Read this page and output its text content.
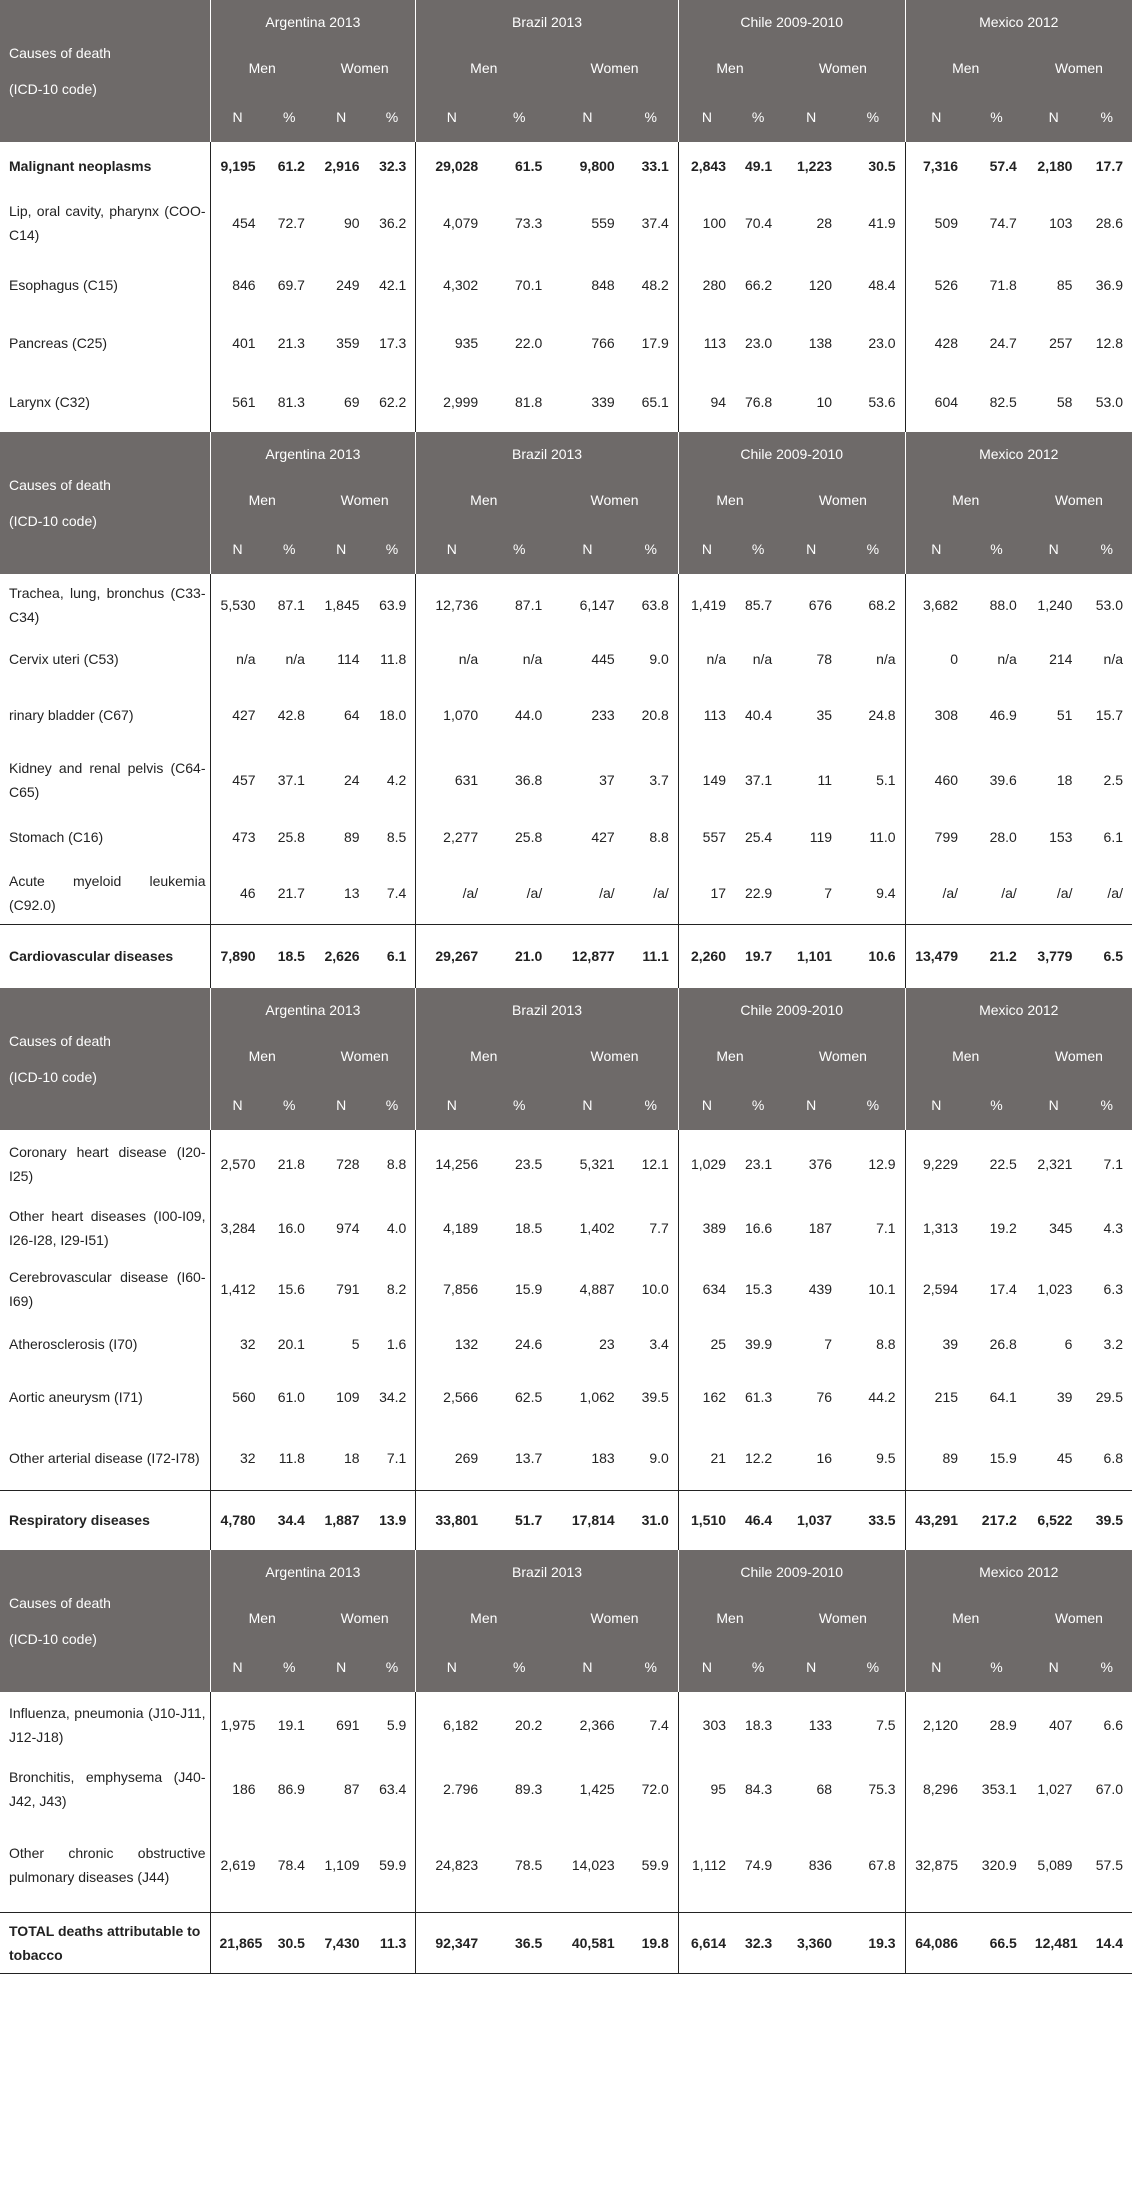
Causes of death
(ICD-10 code)	Argentina 2013				Brazil 2013				Chile 2009-2010				Mexico 2012			
	Men		Women		Men		Women		Men		Women		Men		Women	
	N	%	N	%	N	%	N	%	N	%	N	%	N	%	N	%
Malignant neoplasms	9,195	61.2	2,916	32.3	29,028	61.5	9,800	33.1	2,843	49.1	1,223	30.5	7,316	57.4	2,180	17.7
Lip, oral cavity, pharynx (COO-C14)	454	72.7	90	36.2	4,079	73.3	559	37.4	100	70.4	28	41.9	509	74.7	103	28.6
Esophagus (C15)	846	69.7	249	42.1	4,302	70.1	848	48.2	280	66.2	120	48.4	526	71.8	85	36.9
Pancreas (C25)	401	21.3	359	17.3	935	22.0	766	17.9	113	23.0	138	23.0	428	24.7	257	12.8
Larynx (C32)	561	81.3	69	62.2	2,999	81.8	339	65.1	94	76.8	10	53.6	604	82.5	58	53.0

Causes of death
(ICD-10 code)	Argentina 2013				Brazil 2013				Chile 2009-2010				Mexico 2012			
	Men		Women		Men		Women		Men		Women		Men		Women	
	N	%	N	%	N	%	N	%	N	%	N	%	N	%	N	%
Trachea, lung, bronchus (C33-C34)	5,530	87.1	1,845	63.9	12,736	87.1	6,147	63.8	1,419	85.7	676	68.2	3,682	88.0	1,240	53.0
Cervix uteri (C53)	n/a	n/a	114	11.8	n/a	n/a	445	9.0	n/a	n/a	78	n/a	0	n/a	214	n/a
rinary bladder (C67)	427	42.8	64	18.0	1,070	44.0	233	20.8	113	40.4	35	24.8	308	46.9	51	15.7
Kidney and renal pelvis (C64-C65)	457	37.1	24	4.2	631	36.8	37	3.7	149	37.1	11	5.1	460	39.6	18	2.5
Stomach (C16)	473	25.8	89	8.5	2,277	25.8	427	8.8	557	25.4	119	11.0	799	28.0	153	6.1
Acute myeloid leukemia (C92.0)	46	21.7	13	7.4	/a/	/a/	/a/	/a/	17	22.9	7	9.4	/a/	/a/	/a/	/a/
Cardiovascular diseases	7,890	18.5	2,626	6.1	29,267	21.0	12,877	11.1	2,260	19.7	1,101	10.6	13,479	21.2	3,779	6.5

Causes of death
(ICD-10 code)	Argentina 2013				Brazil 2013				Chile 2009-2010				Mexico 2012			
	Men		Women		Men		Women		Men		Women		Men		Women	
	N	%	N	%	N	%	N	%	N	%	N	%	N	%	N	%
Coronary heart disease (I20-I25)	2,570	21.8	728	8.8	14,256	23.5	5,321	12.1	1,029	23.1	376	12.9	9,229	22.5	2,321	7.1
Other heart diseases (I00-I09, I26-I28, I29-I51)	3,284	16.0	974	4.0	4,189	18.5	1,402	7.7	389	16.6	187	7.1	1,313	19.2	345	4.3
Cerebrovascular disease (I60-I69)	1,412	15.6	791	8.2	7,856	15.9	4,887	10.0	634	15.3	439	10.1	2,594	17.4	1,023	6.3
Atherosclerosis (I70)	32	20.1	5	1.6	132	24.6	23	3.4	25	39.9	7	8.8	39	26.8	6	3.2
Aortic aneurysm (I71)	560	61.0	109	34.2	2,566	62.5	1,062	39.5	162	61.3	76	44.2	215	64.1	39	29.5
Other arterial disease (I72-I78)	32	11.8	18	7.1	269	13.7	183	9.0	21	12.2	16	9.5	89	15.9	45	6.8
Respiratory diseases	4,780	34.4	1,887	13.9	33,801	51.7	17,814	31.0	1,510	46.4	1,037	33.5	43,291	217.2	6,522	39.5

Causes of death
(ICD-10 code)	Argentina 2013				Brazil 2013				Chile 2009-2010				Mexico 2012			
	Men		Women		Men		Women		Men		Women		Men		Women	
	N	%	N	%	N	%	N	%	N	%	N	%	N	%	N	%
Influenza, pneumonia (J10-J11, J12-J18)	1,975	19.1	691	5.9	6,182	20.2	2,366	7.4	303	18.3	133	7.5	2,120	28.9	407	6.6
Bronchitis, emphysema (J40-J42, J43)	186	86.9	87	63.4	2.796	89.3	1,425	72.0	95	84.3	68	75.3	8,296	353.1	1,027	67.0
Other chronic obstructive pulmonary diseases (J44)	2,619	78.4	1,109	59.9	24,823	78.5	14,023	59.9	1,112	74.9	836	67.8	32,875	320.9	5,089	57.5
TOTAL deaths attributable to tobacco	21,865	30.5	7,430	11.3	92,347	36.5	40,581	19.8	6,614	32.3	3,360	19.3	64,086	66.5	12,481	14.4
